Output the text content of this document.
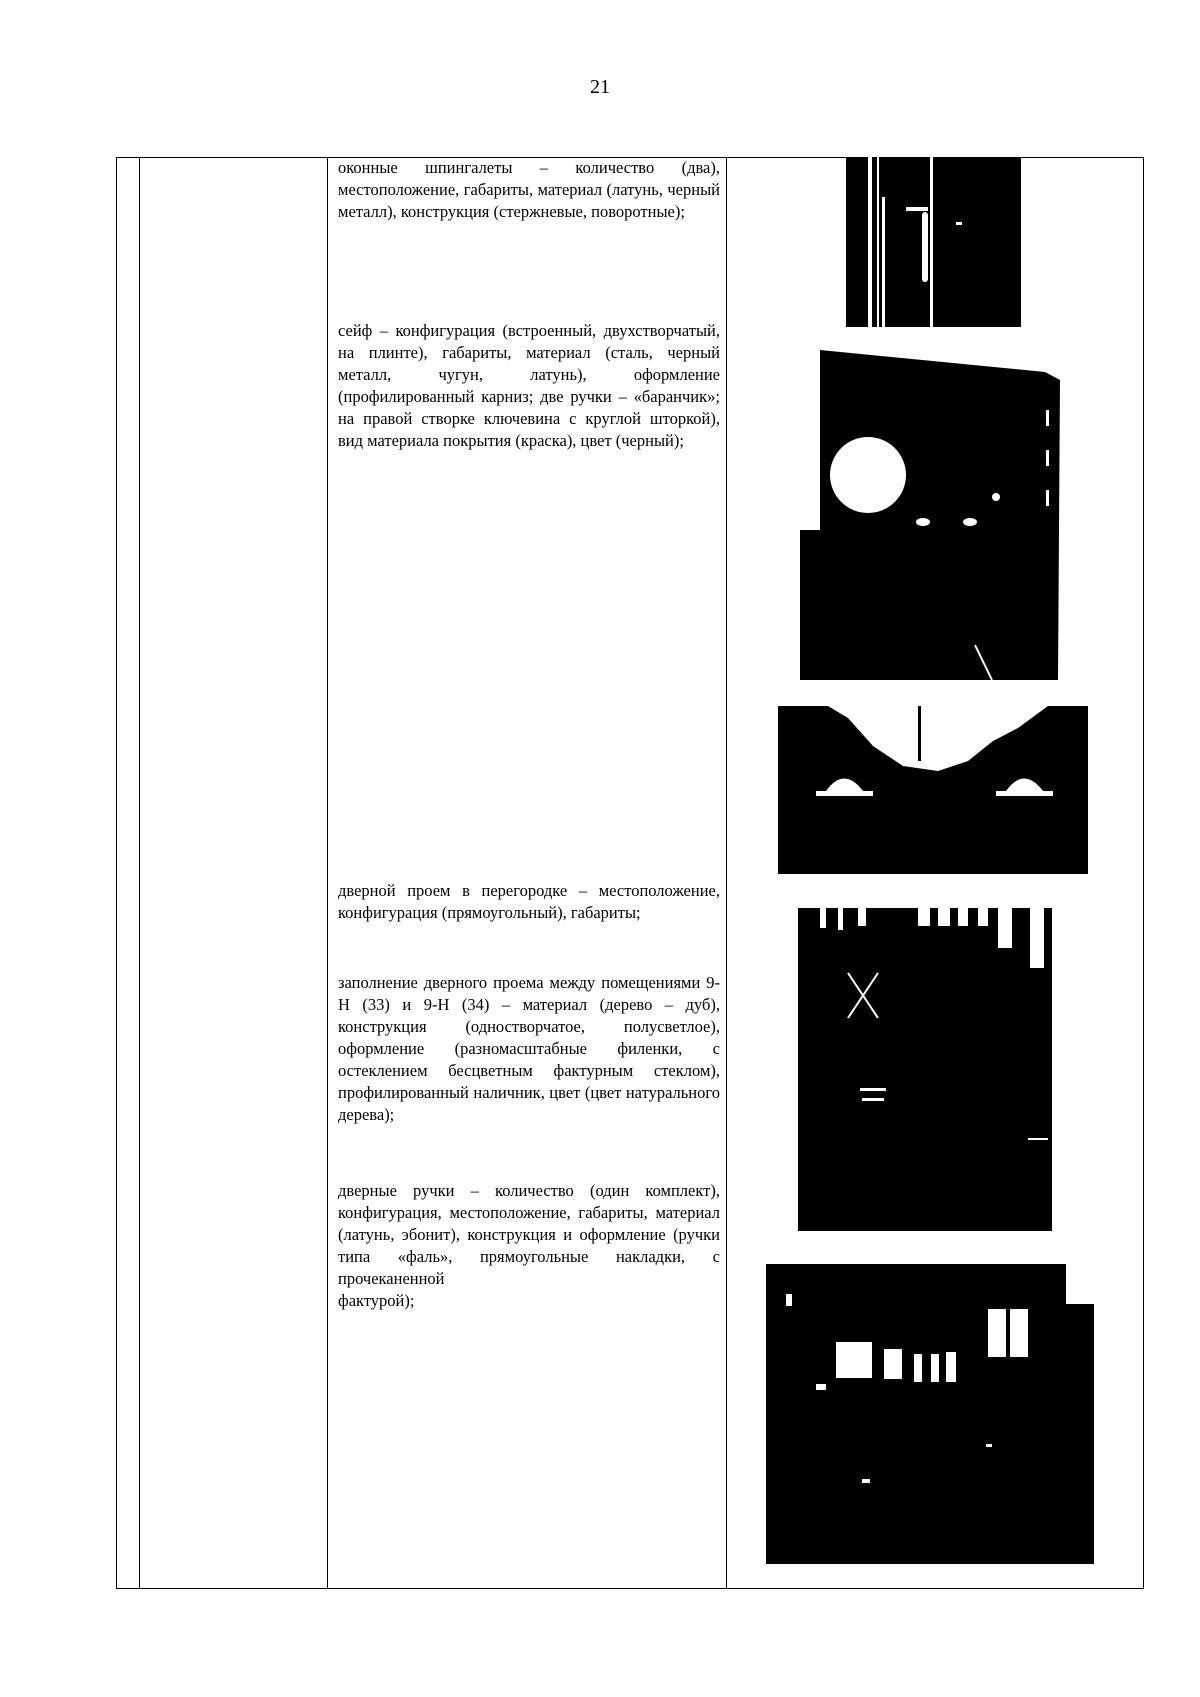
21

оконные шпингалеты – количество (два), местоположение, габариты, материал (латунь, черный металл), конструкция (стержневые, поворотные);

сейф – конфигурация (встроенный, двухстворчатый, на плинте), габариты, материал (сталь, черный металл, чугун, латунь), оформление (профилированный карниз; две ручки – «баранчик»; на правой створке ключевина с круглой шторкой), вид материала покрытия (краска), цвет (черный);

дверной проем в перегородке – местоположение, конфигурация (прямоугольный), габариты;

заполнение дверного проема между помещениями 9-Н (33) и 9-Н (34) – материал (дерево – дуб), конструкция (одностворчатое, полусветлое), оформление (разномасштабные филенки, с остеклением бесцветным фактурным стеклом), профилированный наличник, цвет (цвет натурального дерева);

дверные ручки – количество (один комплект), конфигурация, местоположение, габариты, материал (латунь, эбонит), конструкция и оформление (ручки типа «фаль», прямоугольные накладки, с прочеканенной

фактурой);
